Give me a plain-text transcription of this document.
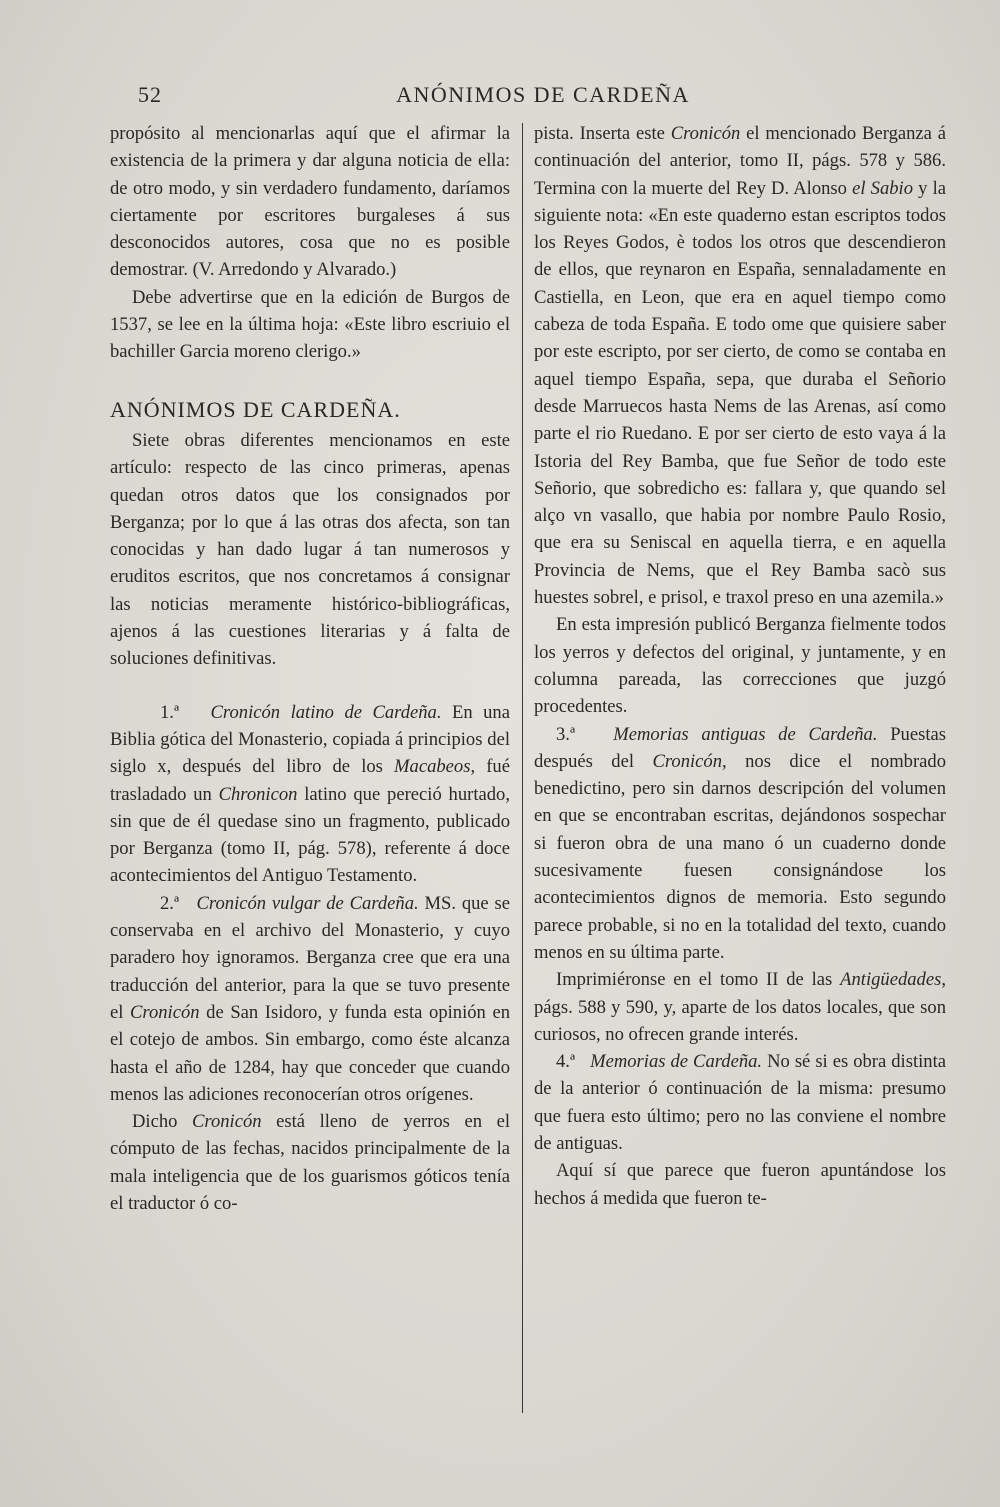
52	ANÓNIMOS DE CARDEÑA

propósito al mencionarlas aquí que el afirmar la existencia de la primera y dar alguna noticia de ella: de otro modo, y sin verdadero fundamento, daríamos ciertamente por escritores burgaleses á sus desconocidos autores, cosa que no es posible demostrar. (V. Arredondo y Alvarado.)

Debe advertirse que en la edición de Burgos de 1537, se lee en la última hoja: «Este libro escriuio el bachiller Garcia moreno clerigo.»

ANÓNIMOS DE CARDEÑA.

Siete obras diferentes mencionamos en este artículo: respecto de las cinco primeras, apenas quedan otros datos que los consignados por Berganza; por lo que á las otras dos afecta, son tan conocidas y han dado lugar á tan numerosos y eruditos escritos, que nos concretamos á consignar las noticias meramente histórico-bibliográficas, ajenos á las cuestiones literarias y á falta de soluciones definitivas.

1.ª Cronicón latino de Cardeña. En una Biblia gótica del Monasterio, copiada á principios del siglo x, después del libro de los Macabeos, fué trasladado un Chronicon latino que pereció hurtado, sin que de él quedase sino un fragmento, publicado por Berganza (tomo II, pág. 578), referente á doce acontecimientos del Antiguo Testamento.

2.ª Cronicón vulgar de Cardeña. MS. que se conservaba en el archivo del Monasterio, y cuyo paradero hoy ignoramos. Berganza cree que era una traducción del anterior, para la que se tuvo presente el Cronicón de San Isidoro, y funda esta opinión en el cotejo de ambos. Sin embargo, como éste alcanza hasta el año de 1284, hay que conceder que cuando menos las adiciones reconocerían otros orígenes.

Dicho Cronicón está lleno de yerros en el cómputo de las fechas, nacidos principalmente de la mala inteligencia que de los guarismos góticos tenía el traductor ó co-

pista. Inserta este Cronicón el mencionado Berganza á continuación del anterior, tomo II, págs. 578 y 586. Termina con la muerte del Rey D. Alonso el Sabio y la siguiente nota: «En este quaderno estan escriptos todos los Reyes Godos, è todos los otros que descendieron de ellos, que reynaron en España, sennaladamente en Castiella, en Leon, que era en aquel tiempo como cabeza de toda España. E todo ome que quisiere saber por este escripto, por ser cierto, de como se contaba en aquel tiempo España, sepa, que duraba el Señorio desde Marruecos hasta Nems de las Arenas, así como parte el rio Ruedano. E por ser cierto de esto vaya á la Istoria del Rey Bamba, que fue Señor de todo este Señorio, que sobredicho es: fallara y, que quando sel alço vn vasallo, que habia por nombre Paulo Rosio, que era su Seniscal en aquella tierra, e en aquella Provincia de Nems, que el Rey Bamba sacò sus huestes sobrel, e prisol, e traxol preso en una azemila.»

En esta impresión publicó Berganza fielmente todos los yerros y defectos del original, y juntamente, y en columna pareada, las correcciones que juzgó procedentes.

3.ª Memorias antiguas de Cardeña. Puestas después del Cronicón, nos dice el nombrado benedictino, pero sin darnos descripción del volumen en que se encontraban escritas, dejándonos sospechar si fueron obra de una mano ó un cuaderno donde sucesivamente fuesen consignándose los acontecimientos dignos de memoria. Esto segundo parece probable, si no en la totalidad del texto, cuando menos en su última parte.

Imprimiéronse en el tomo II de las Antigüedades, págs. 588 y 590, y, aparte de los datos locales, que son curiosos, no ofrecen grande interés.

4.ª Memorias de Cardeña. No sé si es obra distinta de la anterior ó continuación de la misma: presumo que fuera esto último; pero no las conviene el nombre de antiguas.

Aquí sí que parece que fueron apuntándose los hechos á medida que fueron te-
